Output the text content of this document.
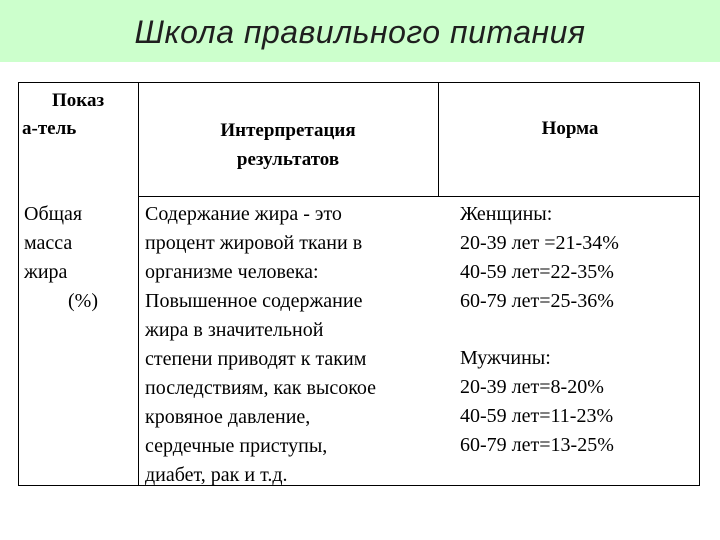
Школа правильного питания
Показ
а-тель	Интерпретация
результатов
Норма
Общая
масса
жира
(%)
Содержание жира - это
процент жировой ткани в
организме человека:
Повышенное содержание
жира в значительной
степени приводят к таким
последствиям, как высокое
кровяное давление,
сердечные приступы,
диабет, рак и т.д.
Женщины:
20-39 лет =21-34%
40-59 лет=22-35%
60-79 лет=25-36%
Мужчины:
20-39 лет=8-20%
40-59 лет=11-23%
60-79 лет=13-25%
